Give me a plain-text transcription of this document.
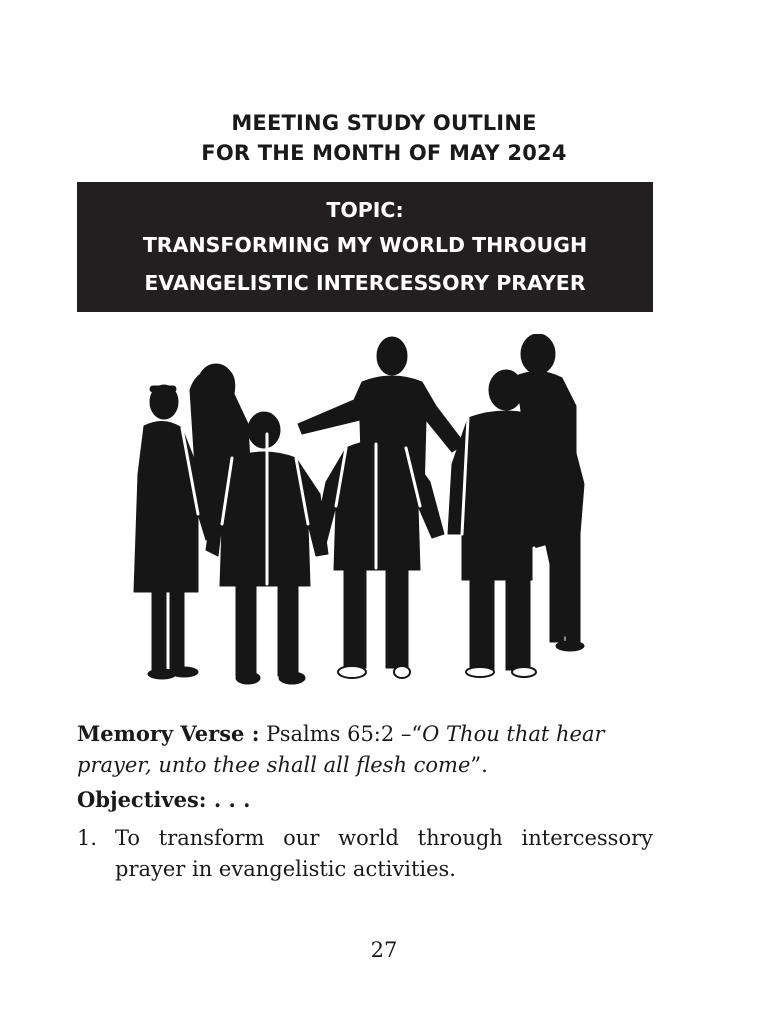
MEETING STUDY OUTLINE
FOR THE MONTH OF MAY 2024
TOPIC:
TRANSFORMING MY WORLD THROUGH
EVANGELISTIC INTERCESSORY PRAYER
Memory Verse : Psalms 65:2 –“O Thou that hear prayer, unto thee shall all flesh come”.
Objectives: . . .
1. To transform our world through intercessory
prayer in evangelistic activities.
27
